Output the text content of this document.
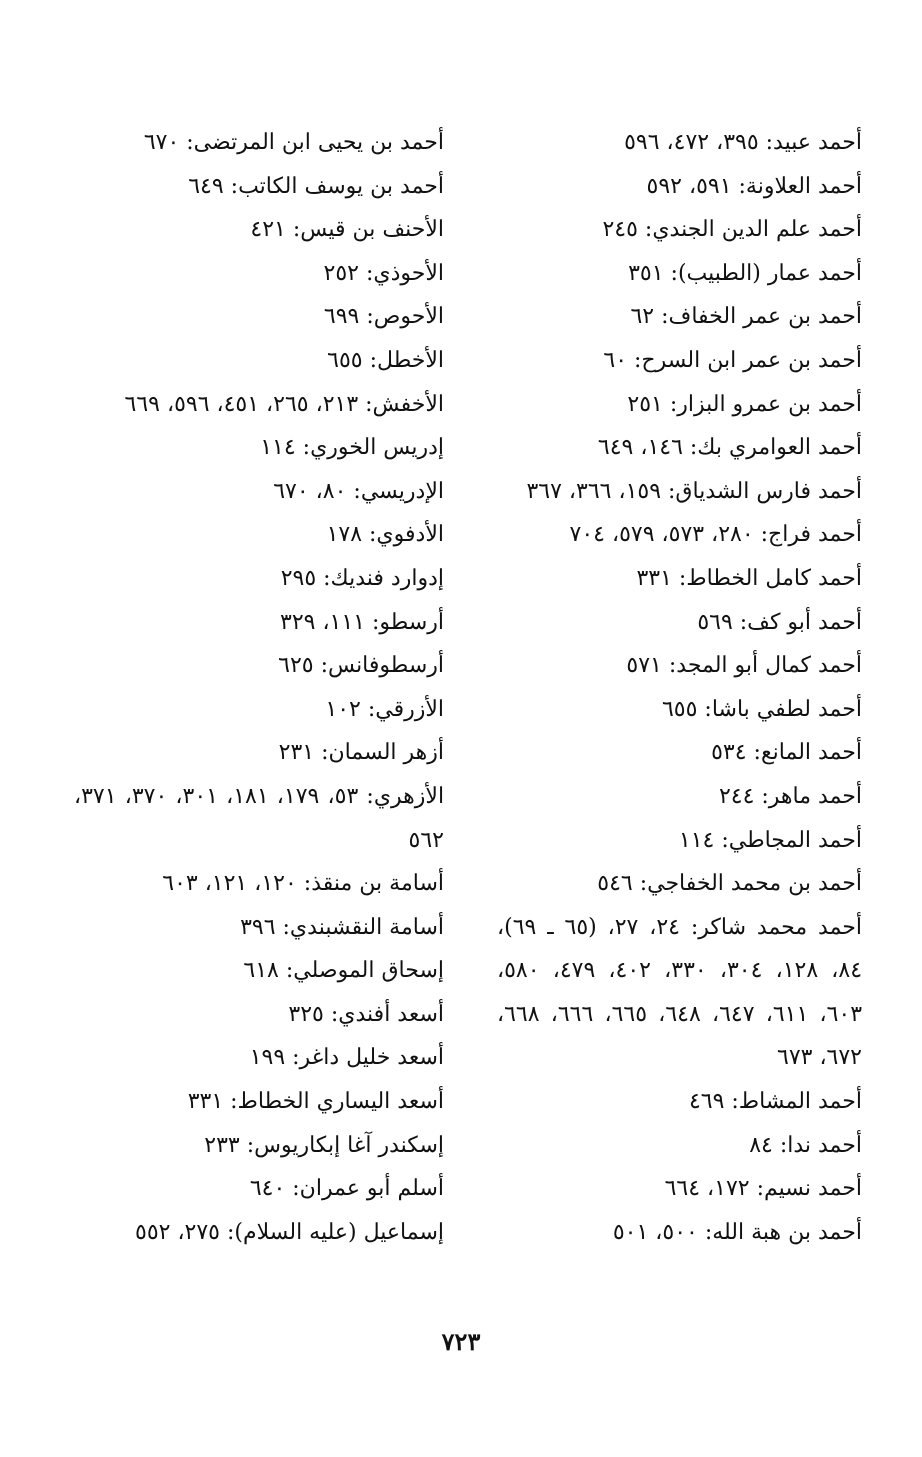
أحمد عبيد: ٣٩٥، ٤٧٢، ٥٩٦
أحمد العلاونة: ٥٩١، ٥٩٢
أحمد علم الدين الجندي: ٢٤٥
أحمد عمار (الطبيب): ٣٥١
أحمد بن عمر الخفاف: ٦٢
أحمد بن عمر ابن السرح: ٦٠
أحمد بن عمرو البزار: ٢٥١
أحمد العوامري بك: ١٤٦، ٦٤٩
أحمد فارس الشدياق: ١٥٩، ٣٦٦، ٣٦٧
أحمد فراج: ٢٨٠، ٥٧٣، ٥٧٩، ٧٠٤
أحمد كامل الخطاط: ٣٣١
أحمد أبو كف: ٥٦٩
أحمد كمال أبو المجد: ٥٧١
أحمد لطفي باشا: ٦٥٥
أحمد المانع: ٥٣٤
أحمد ماهر: ٢٤٤
أحمد المجاطي: ١١٤
أحمد بن محمد الخفاجي: ٥٤٦
أحمد محمد شاكر: ٢٤، ٢٧، (٦٥ ـ ٦٩)، ٨٤، ١٢٨، ٣٠٤، ٣٣٠، ٤٠٢، ٤٧٩، ٥٨٠، ٦٠٣، ٦١١، ٦٤٧، ٦٤٨، ٦٦٥، ٦٦٦، ٦٦٨، ٦٧٢، ٦٧٣
أحمد المشاط: ٤٦٩
أحمد ندا: ٨٤
أحمد نسيم: ١٧٢، ٦٦٤
أحمد بن هبة الله: ٥٠٠، ٥٠١
أحمد بن يحيى ابن المرتضى: ٦٧٠
أحمد بن يوسف الكاتب: ٦٤٩
الأحنف بن قيس: ٤٢١
الأحوذي: ٢٥٢
الأحوص: ٦٩٩
الأخطل: ٦٥٥
الأخفش: ٢١٣، ٢٦٥، ٤٥١، ٥٩٦، ٦٦٩
إدريس الخوري: ١١٤
الإدريسي: ٨٠، ٦٧٠
الأدفوي: ١٧٨
إدوارد فنديك: ٢٩٥
أرسطو: ١١١، ٣٢٩
أرسطوفانس: ٦٢٥
الأزرقي: ١٠٢
أزهر السمان: ٢٣١
الأزهري: ٥٣، ١٧٩، ١٨١، ٣٠١، ٣٧٠، ٣٧١، ٥٦٢
أسامة بن منقذ: ١٢٠، ١٢١، ٦٠٣
أسامة النقشبندي: ٣٩٦
إسحاق الموصلي: ٦١٨
أسعد أفندي: ٣٢٥
أسعد خليل داغر: ١٩٩
أسعد اليساري الخطاط: ٣٣١
إسكندر آغا إبكاريوس: ٢٣٣
أسلم أبو عمران: ٦٤٠
إسماعيل (عليه السلام): ٢٧٥، ٥٥٢
٧٢٣
